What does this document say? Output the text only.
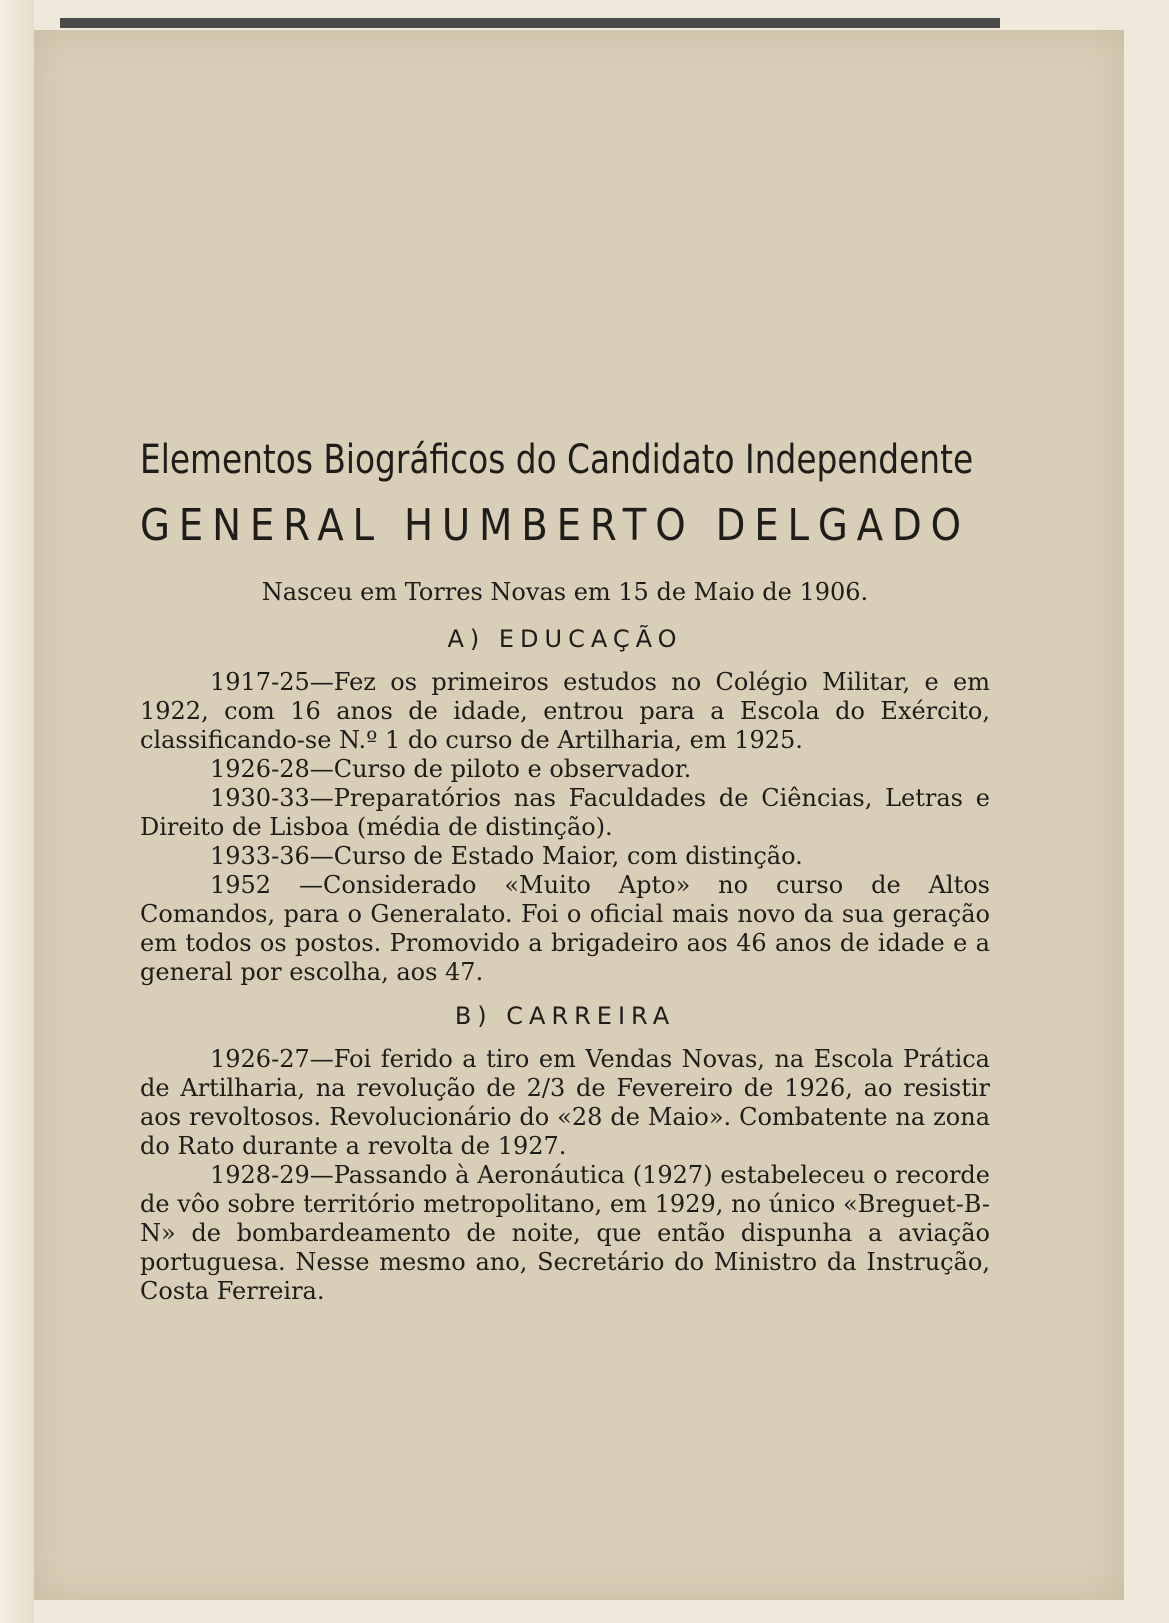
Elementos Biográficos do Candidato Independente
GENERAL HUMBERTO DELGADO
Nasceu em Torres Novas em 15 de Maio de 1906.
A) EDUCAÇÃO

1917-25—Fez os primeiros estudos no Colégio Militar, e em 1922, com 16 anos de idade, entrou para a Escola do Exército, classificando-se N.º 1 do curso de Artilharia, em 1925.

1926-28—Curso de piloto e observador.

1930-33—Preparatórios nas Faculdades de Ciências, Letras e Direito de Lisboa (média de distinção).

1933-36—Curso de Estado Maior, com distinção.

1952 —Considerado «Muito Apto» no curso de Altos Comandos, para o Generalato. Foi o oficial mais novo da sua geração em todos os postos. Promovido a brigadeiro aos 46 anos de idade e a general por escolha, aos 47.

B) CARREIRA

1926-27—Foi ferido a tiro em Vendas Novas, na Escola Prática de Artilharia, na revolução de 2/3 de Fevereiro de 1926, ao resistir aos revoltosos. Revolucionário do «28 de Maio». Combatente na zona do Rato durante a revolta de 1927.

1928-29—Passando à Aeronáutica (1927) estabeleceu o recorde de vôo sobre território metropolitano, em 1929, no único «Breguet-B-N» de bombardeamento de noite, que então dispunha a aviação portuguesa. Nesse mesmo ano, Secretário do Ministro da Instrução, Costa Ferreira.
